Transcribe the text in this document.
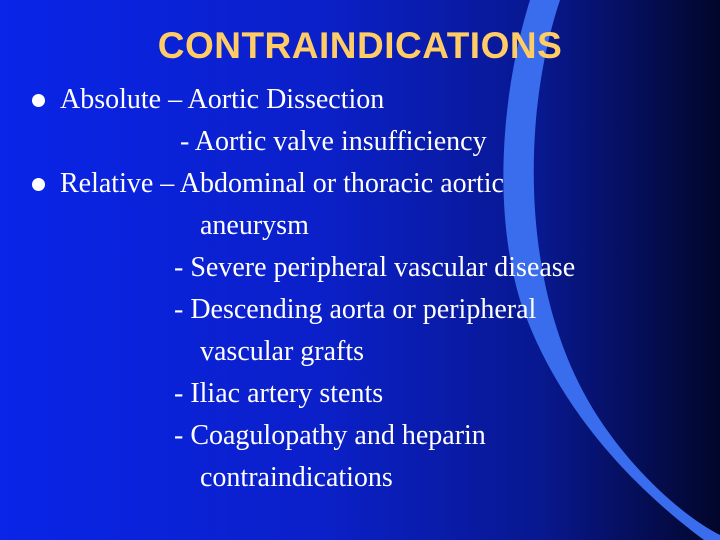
CONTRAINDICATIONS
Absolute – Aortic Dissection
- Aortic valve insufficiency
Relative – Abdominal or thoracic aortic
aneurysm
- Severe peripheral vascular disease
- Descending aorta or peripheral
vascular grafts
- Iliac artery stents
- Coagulopathy and heparin
contraindications
